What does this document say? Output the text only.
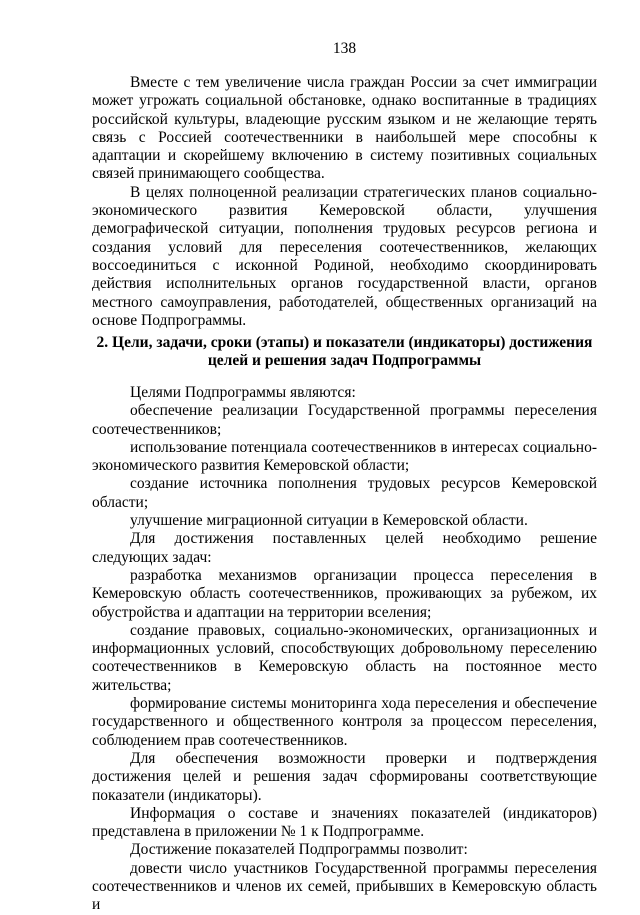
138

Вместе с тем увеличение числа граждан России за счет иммиграции может угрожать социальной обстановке, однако воспитанные в традициях российской культуры, владеющие русским языком и не желающие терять связь с Россией соотечественники в наибольшей мере способны к адаптации и скорейшему включению в систему позитивных социальных связей принимающего сообщества.

В целях полноценной реализации стратегических планов социально-экономического развития Кемеровской области, улучшения демографической ситуации, пополнения трудовых ресурсов региона и создания условий для переселения соотечественников, желающих воссоединиться с исконной Родиной, необходимо скоординировать действия исполнительных органов государственной власти, органов местного самоуправления, работодателей, общественных организаций на основе Подпрограммы.

2. Цели, задачи, сроки (этапы) и показатели (индикаторы) достижения целей и решения задач Подпрограммы

Целями Подпрограммы являются:

обеспечение реализации Государственной программы переселения соотечественников;

использование потенциала соотечественников в интересах социально-экономического развития Кемеровской области;

создание источника пополнения трудовых ресурсов Кемеровской области;

улучшение миграционной ситуации в Кемеровской области.

Для достижения поставленных целей необходимо решение следующих задач:

разработка механизмов организации процесса переселения в Кемеровскую область соотечественников, проживающих за рубежом, их обустройства и адаптации на территории вселения;

создание правовых, социально-экономических, организационных и информационных условий, способствующих добровольному переселению соотечественников в Кемеровскую область на постоянное место жительства;

формирование системы мониторинга хода переселения и обеспечение государственного и общественного контроля за процессом переселения, соблюдением прав соотечественников.

Для обеспечения возможности проверки и подтверждения достижения целей и решения задач сформированы соответствующие показатели (индикаторы).

Информация о составе и значениях показателей (индикаторов) представлена в приложении № 1 к Подпрограмме.

Достижение показателей Подпрограммы позволит:

довести число участников Государственной программы переселения соотечественников и членов их семей, прибывших в Кемеровскую область и
